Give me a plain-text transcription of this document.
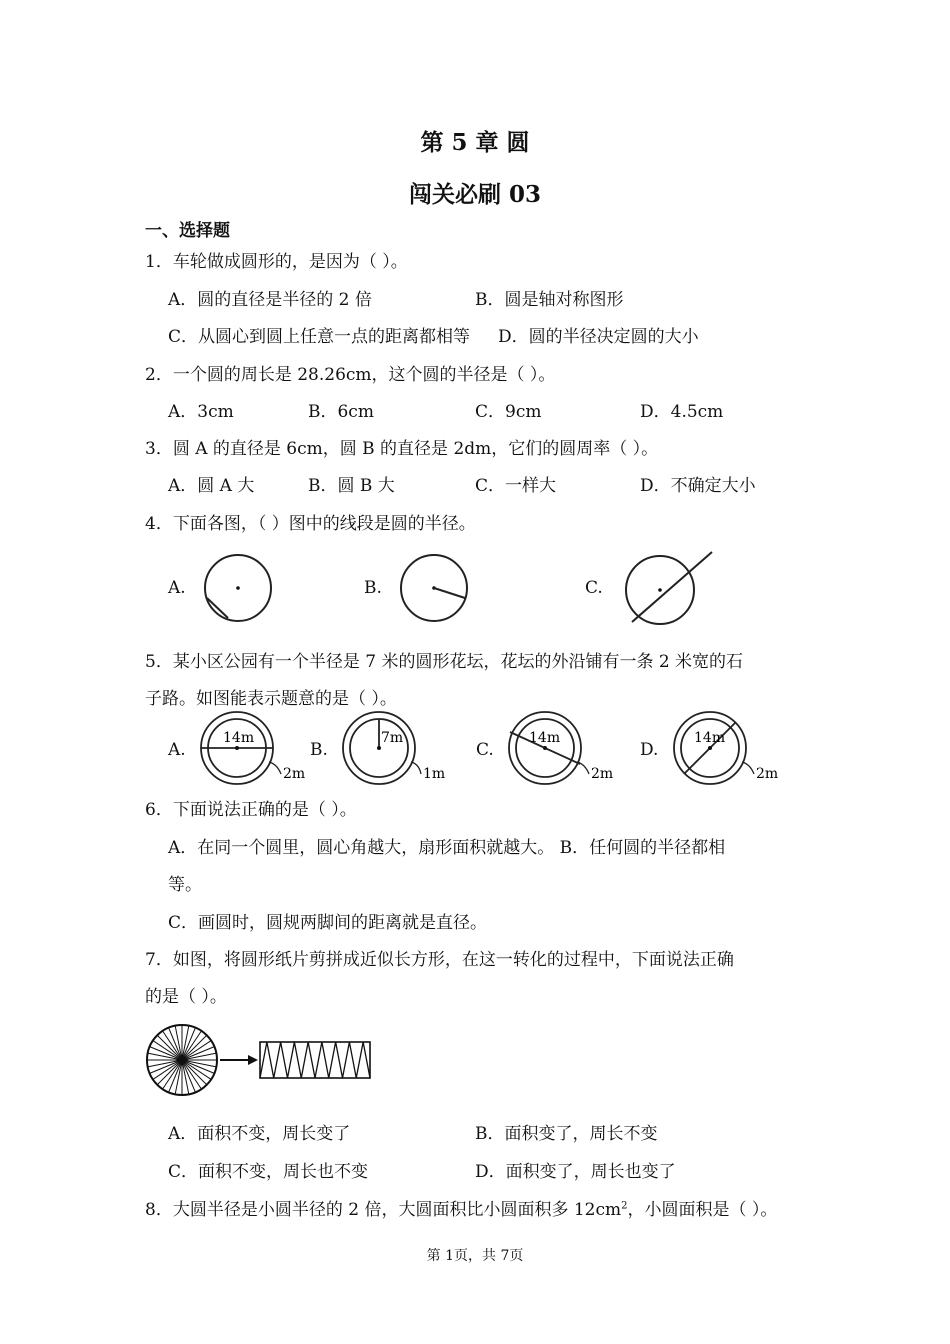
第 5 章 圆
闯关必刷 03
一、选择题
1．车轮做成圆形的，是因为（ ）。
A．圆的直径是半径的 2 倍	B．圆是轴对称图形
C．从圆心到圆上任意一点的距离都相等 D．圆的半径决定圆的大小
2．一个圆的周长是 28.26cm，这个圆的半径是（ ）。
A．3cm	B．6cm	C．9cm	D．4.5cm
3．圆 A 的直径是 6cm，圆 B 的直径是 2dm，它们的圆周率（ ）。
A．圆 A 大	B．圆 B 大	C．一样大	D．不确定大小
4．下面各图，（ ）图中的线段是圆的半径。
A.	B.	C.
5．某小区公园有一个半径是 7 米的圆形花坛，花坛的外沿铺有一条 2 米宽的石
子路。如图能表示题意的是（ ）。
A.
14m
2m
B.
7m
1m
C.
14m
2m
D.
14m
2m
6．下面说法正确的是（ ）。
A．在同一个圆里，圆心角越大，扇形面积就越大。 B．任何圆的半径都相
等。
C．画圆时，圆规两脚间的距离就是直径。
7．如图，将圆形纸片剪拼成近似长方形，在这一转化的过程中，下面说法正确
的是（ ）。
A．面积不变，周长变了	B．面积变了，周长不变
C．面积不变，周长也不变	D．面积变了，周长也变了
8．大圆半径是小圆半径的 2 倍，大圆面积比小圆面积多 $12cm^2$，小圆面积是（ ）。
第 1页，共 7页
